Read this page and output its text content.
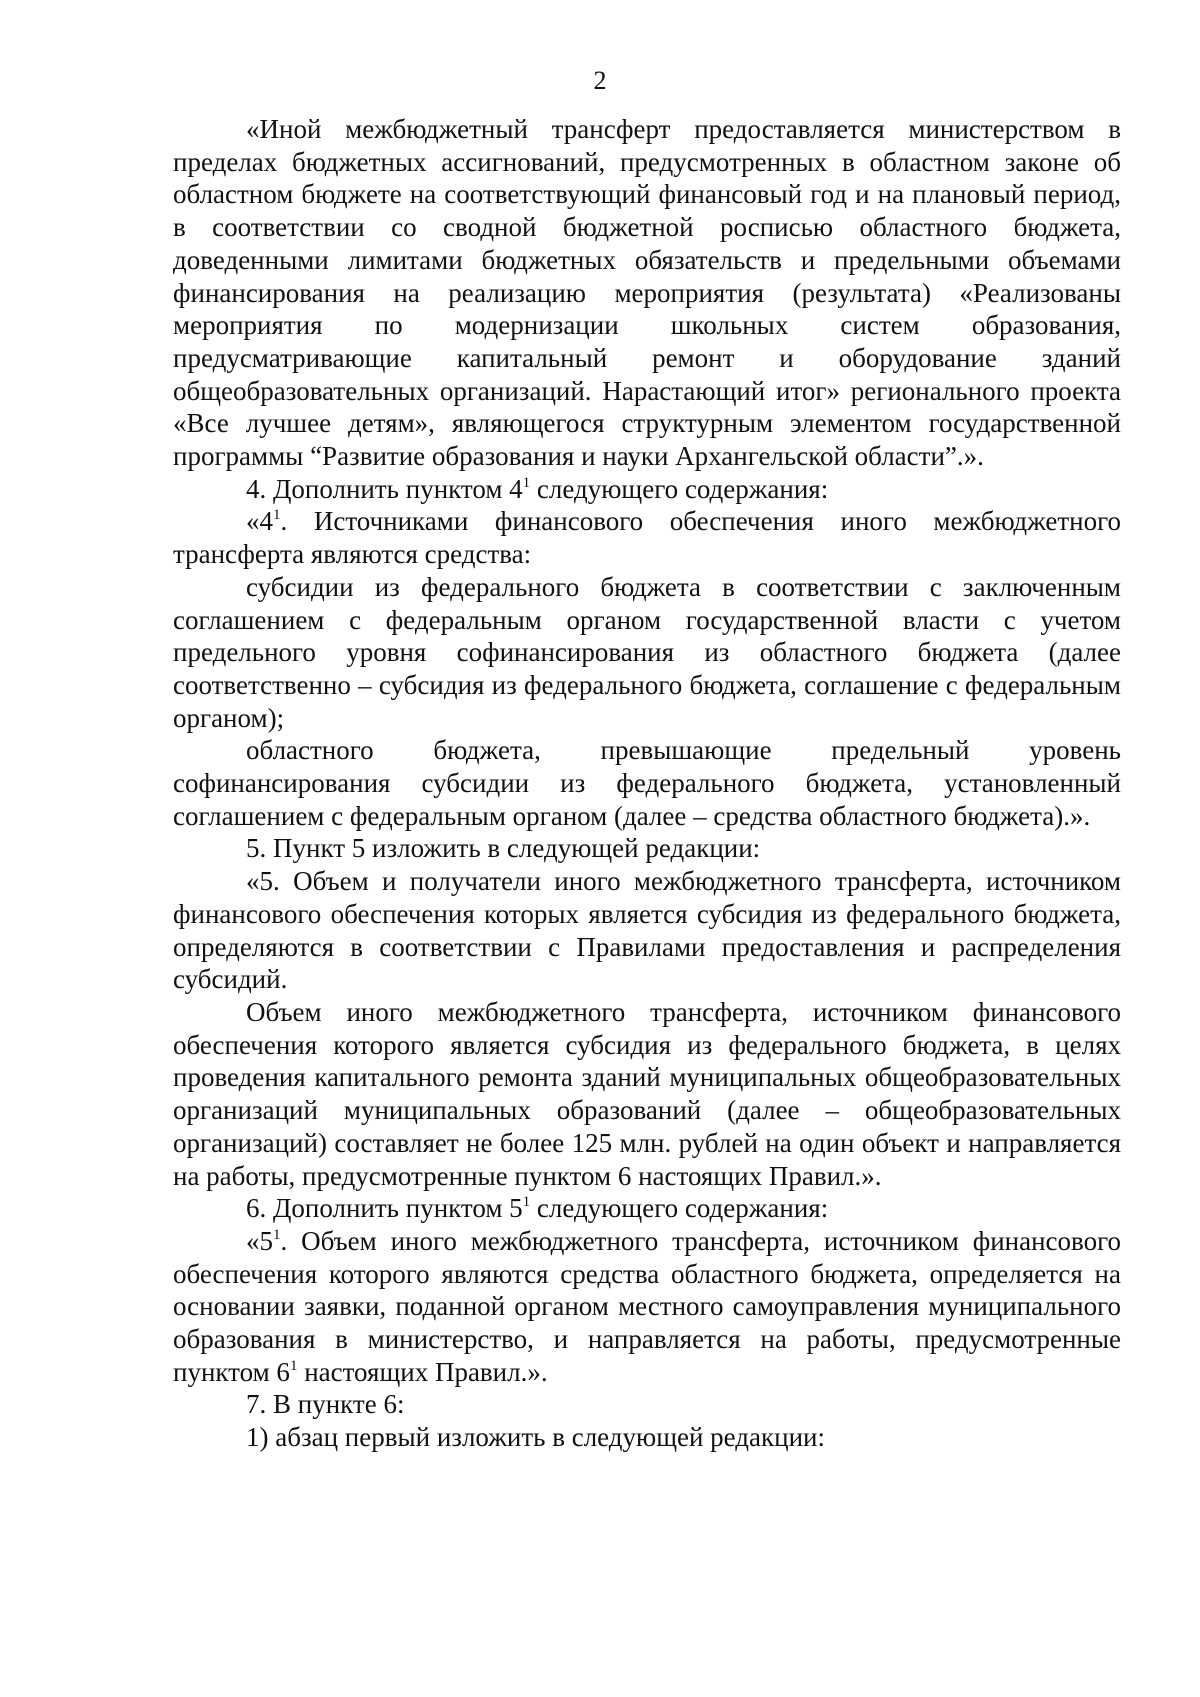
2

«Иной межбюджетный трансферт предоставляется министерством в пределах бюджетных ассигнований, предусмотренных в областном законе об областном бюджете на соответствующий финансовый год и на плановый период, в соответствии со сводной бюджетной росписью областного бюджета, доведенными лимитами бюджетных обязательств и предельными объемами финансирования на реализацию мероприятия (результата) «Реализованы мероприятия по модернизации школьных систем образования, предусматривающие капитальный ремонт и оборудование зданий общеобразовательных организаций. Нарастающий итог» регионального проекта «Все лучшее детям», являющегося структурным элементом государственной программы “Развитие образования и науки Архангельской области”.».

4. Дополнить пунктом $4^1$ следующего содержания:

«$4^1$. Источниками финансового обеспечения иного межбюджетного трансферта являются средства:

субсидии из федерального бюджета в соответствии с заключенным соглашением с федеральным органом государственной власти с учетом предельного уровня софинансирования из областного бюджета (далее соответственно – субсидия из федерального бюджета, соглашение с федеральным органом);

областного бюджета, превышающие предельный уровень софинансирования субсидии из федерального бюджета, установленный соглашением с федеральным органом (далее – средства областного бюджета).».

5. Пункт 5 изложить в следующей редакции:

«5. Объем и получатели иного межбюджетного трансферта, источником финансового обеспечения которых является субсидия из федерального бюджета, определяются в соответствии с Правилами предоставления и распределения субсидий.

Объем иного межбюджетного трансферта, источником финансового обеспечения которого является субсидия из федерального бюджета, в целях проведения капитального ремонта зданий муниципальных общеобразовательных организаций муниципальных образований (далее – общеобразовательных организаций) составляет не более 125 млн. рублей на один объект и направляется на работы, предусмотренные пунктом 6 настоящих Правил.».

6. Дополнить пунктом $5^1$ следующего содержания:

«$5^1$. Объем иного межбюджетного трансферта, источником финансового обеспечения которого являются средства областного бюджета, определяется на основании заявки, поданной органом местного самоуправления муниципального образования в министерство, и направляется на работы, предусмотренные пунктом $6^1$ настоящих Правил.».

7. В пункте 6:

1) абзац первый изложить в следующей редакции:
